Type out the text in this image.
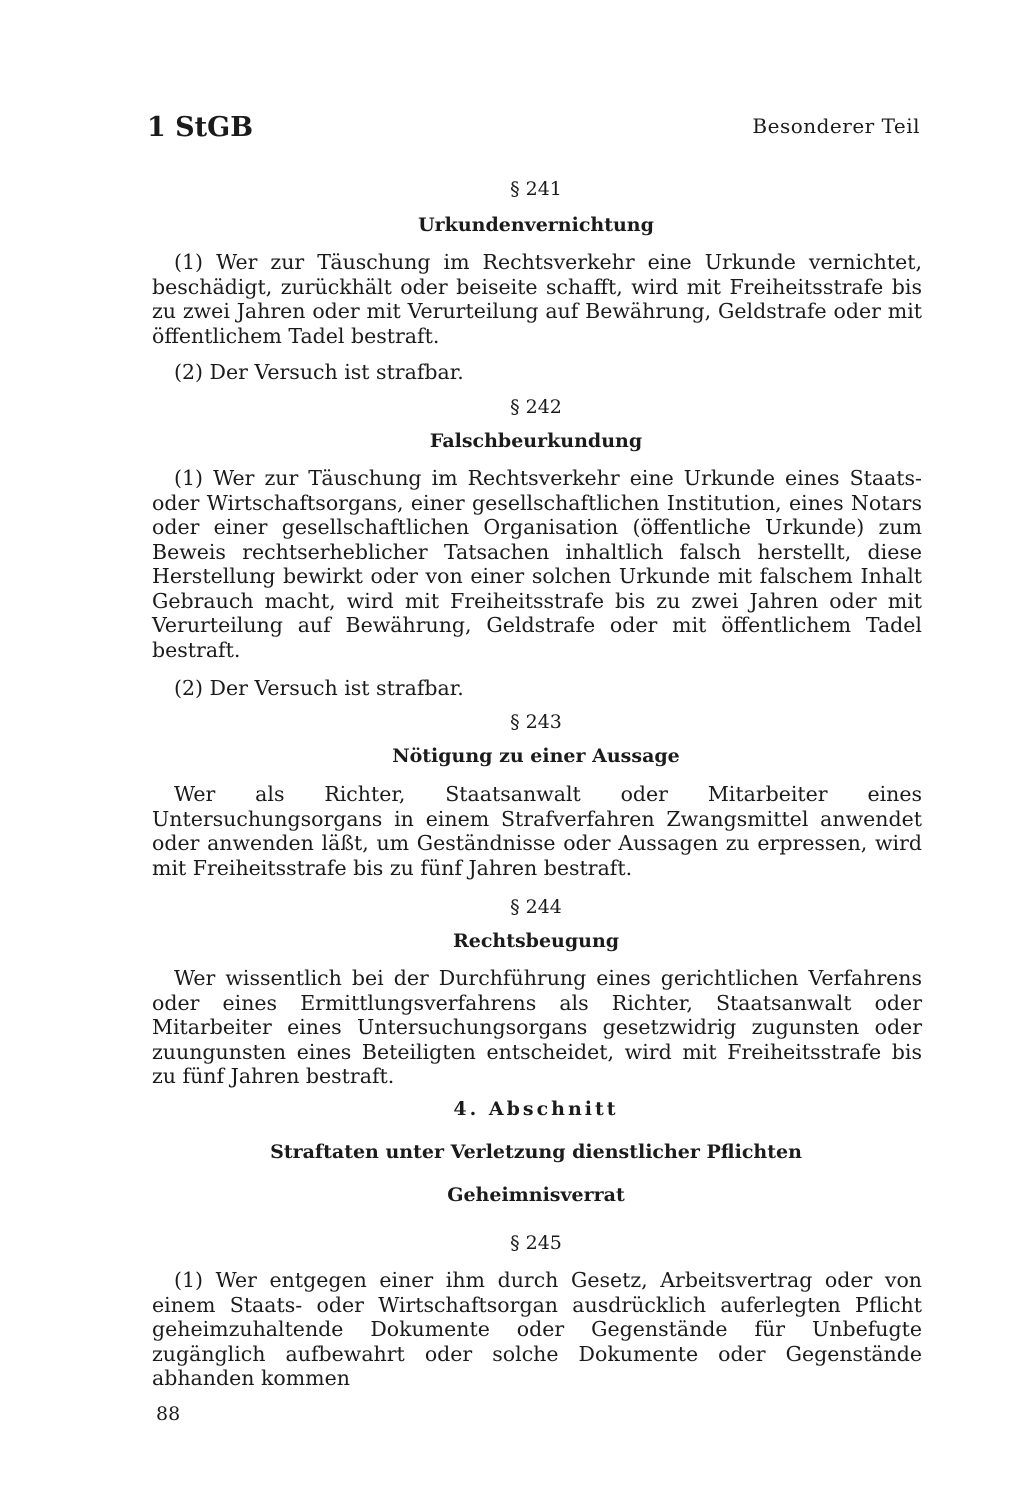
1 StGB	Besonderer Teil
§ 241
Urkundenvernichtung

(1) Wer zur Täuschung im Rechtsverkehr eine Urkunde vernichtet, beschädigt, zurückhält oder beiseite schafft, wird mit Freiheitsstrafe bis zu zwei Jahren oder mit Verurteilung auf Bewährung, Geldstrafe oder mit öffentlichem Tadel bestraft.

(2) Der Versuch ist strafbar.

§ 242
Falschbeurkundung

(1) Wer zur Täuschung im Rechtsverkehr eine Urkunde eines Staats- oder Wirtschaftsorgans, einer gesellschaftlichen Institution, eines Notars oder einer gesellschaftlichen Organisation (öffentliche Urkunde) zum Beweis rechtserheblicher Tatsachen inhaltlich falsch herstellt, diese Herstellung bewirkt oder von einer solchen Urkunde mit falschem Inhalt Gebrauch macht, wird mit Freiheitsstrafe bis zu zwei Jahren oder mit Verurteilung auf Bewährung, Geldstrafe oder mit öffentlichem Tadel bestraft.

(2) Der Versuch ist strafbar.

§ 243
Nötigung zu einer Aussage

Wer als Richter, Staatsanwalt oder Mitarbeiter eines Untersuchungsorgans in einem Strafverfahren Zwangsmittel anwendet oder anwenden läßt, um Geständnisse oder Aussagen zu erpressen, wird mit Freiheitsstrafe bis zu fünf Jahren bestraft.

§ 244
Rechtsbeugung

Wer wissentlich bei der Durchführung eines gerichtlichen Verfahrens oder eines Ermittlungsverfahrens als Richter, Staatsanwalt oder Mitarbeiter eines Untersuchungsorgans gesetzwidrig zugunsten oder zuungunsten eines Beteiligten entscheidet, wird mit Freiheitsstrafe bis zu fünf Jahren bestraft.

4. Abschnitt
Straftaten unter Verletzung dienstlicher Pflichten
Geheimnisverrat
§ 245

(1) Wer entgegen einer ihm durch Gesetz, Arbeitsvertrag oder von einem Staats- oder Wirtschaftsorgan ausdrücklich auferlegten Pflicht geheimzuhaltende Dokumente oder Gegenstände für Unbefugte zugänglich aufbewahrt oder solche Dokumente oder Gegenstände abhanden kommen

88
